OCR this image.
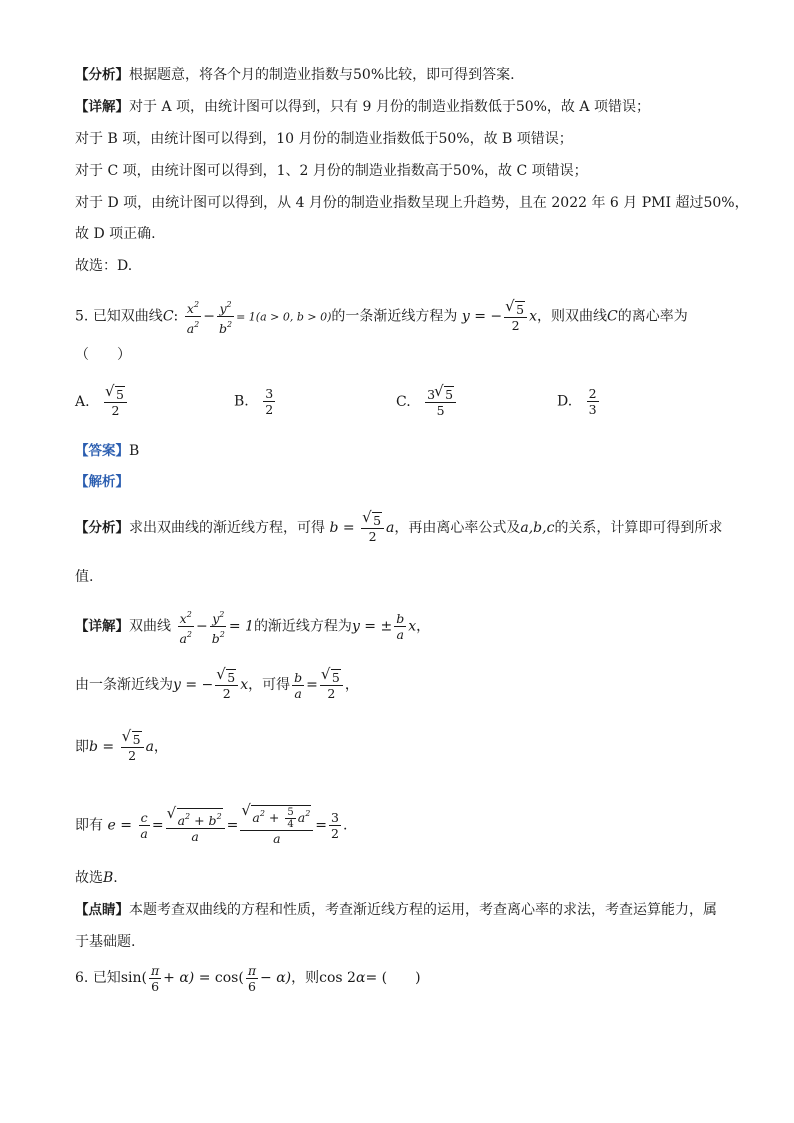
【分析】根据题意，将各个月的制造业指数与50%比较，即可得到答案.
【详解】对于 A 项，由统计图可以得到，只有 9 月份的制造业指数低于50%，故 A 项错误；
对于 B 项，由统计图可以得到，10 月份的制造业指数低于50%，故 B 项错误；
对于 C 项，由统计图可以得到，1、2 月份的制造业指数高于50%，故 C 项错误；
对于 D 项，由统计图可以得到，从 4 月份的制造业指数呈现上升趋势，且在 2022 年 6 月 PMI 超过50%，
故 D 项正确.
故选：D.
5. 已知双曲线C: $\frac{x^2}{a^2} - \frac{y^2}{b^2} = 1(a > 0$, b > 0)的一条渐近线方程为 y = − √ $\frac{5}{2}$ x，则双曲线C的离心率为
（　　）
A. √ $\frac{5}{2}$	B. $\frac{3}{2}$	C. $\frac{3 √ 5}{5}$	D. $\frac{2}{3}$
【答案】B
【解析】
【分析】求出双曲线的渐近线方程，可得 b = √ $\frac{5}{2}$ a，再由离心率公式及a,b,c的关系，计算即可得到所求
值.
【详解】双曲线 $\frac{x^2}{a^2} - \frac{y^2}{b^2} = 1$的渐近线方程为y = ± $\frac{b}{a}$ x，
由一条渐近线为y = − √ $\frac{5}{2}$ x，可得 $\frac{b}{a}$ = √ $\frac{5}{2}$ ，
即b = √ $\frac{5}{2}$ a，
即有 $e = \frac{c}{a}$ = √ $\frac{a^2 + b^2}{a}$ = √ $\frac{a^2 + \frac{5}{4} a^2}{a} = \frac{3}{2}$ .
故选B.
【点睛】本题考查双曲线的方程和性质，考查渐近线方程的运用，考查离心率的求法，考查运算能力，属
于基础题.
6. 已知$\sin( \frac{\pi}{6} + \alpha) = \cos( \frac{\pi}{6} - \alpha)$，则cos 2α= (　　)
